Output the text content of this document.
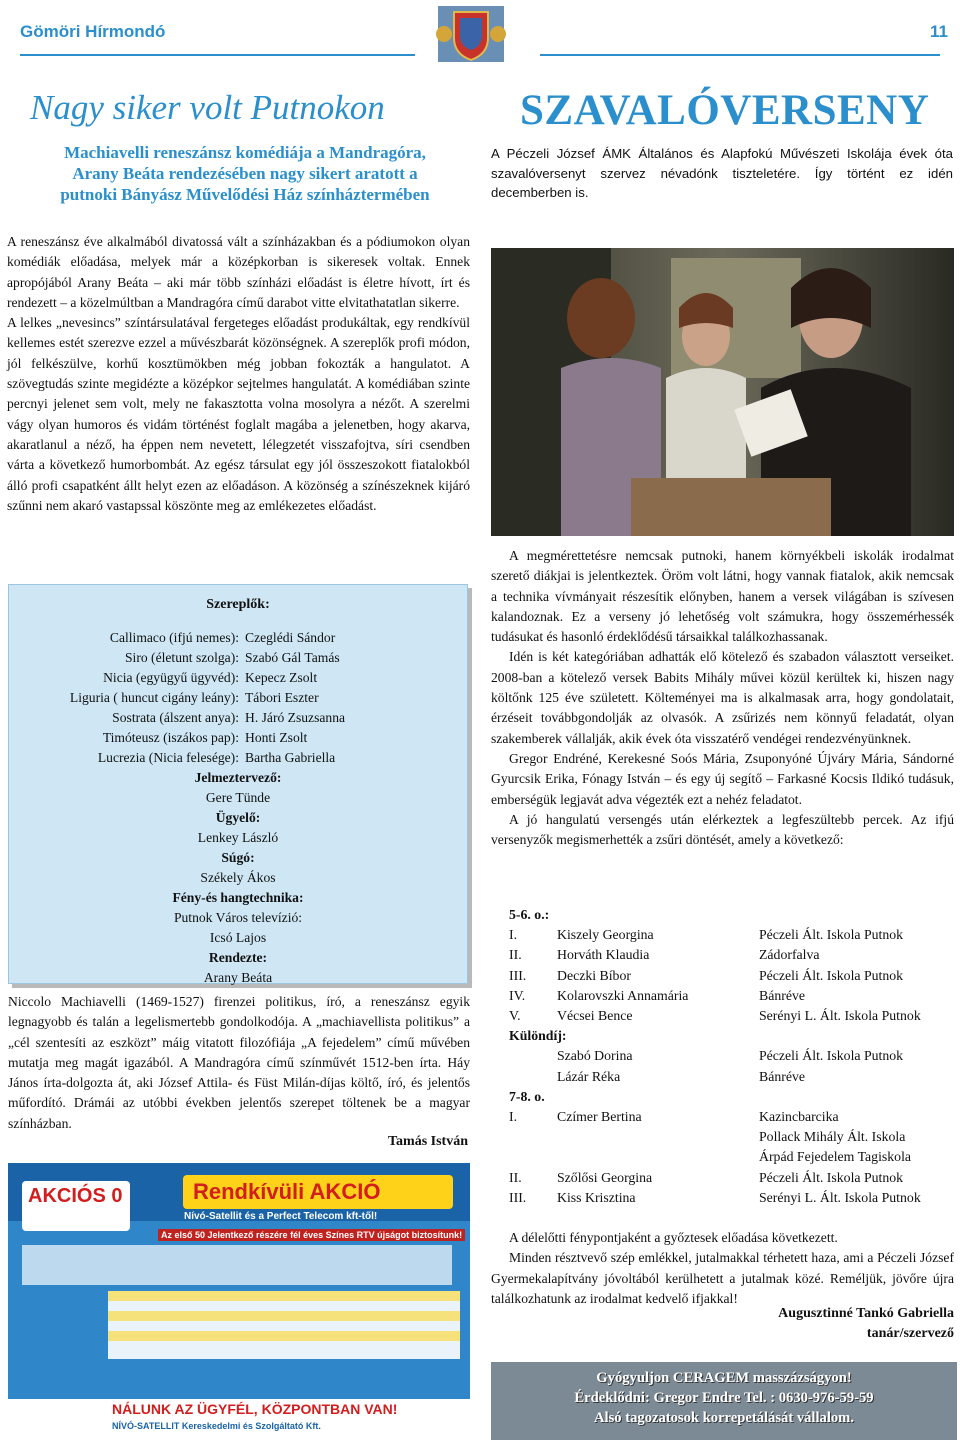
Gömöri Hírmondó	11
Nagy siker volt Putnokon
Machiavelli reneszánsz komédiája a Mandragóra,
Arany Beáta rendezésében nagy sikert aratott a
putnoki Bányász Művelődési Ház színháztermében

A reneszánsz éve alkalmából divatossá vált a színházakban és a pódiumokon olyan komédiák előadása, melyek már a középkorban is sikeresek voltak. Ennek apropójából Arany Beáta – aki már több színházi előadást is életre hívott, írt és rendezett – a közelmúltban a Mandragóra című darabot vitte elvitathatatlan sikerre.

A lelkes „nevesincs” színtársulatával fergeteges előadást produkáltak, egy rendkívül kellemes estét szerezve ezzel a művészbarát közönségnek. A szereplők profi módon, jól felkészülve, korhű kosztümökben még jobban fokozták a hangulatot. A szövegtudás szinte megidézte a középkor sejtelmes hangulatát. A komédiában szinte percnyi jelenet sem volt, mely ne fakasztotta volna mosolyra a nézőt. A szerelmi vágy olyan humoros és vidám történést foglalt magába a jelenetben, hogy akarva, akaratlanul a néző, ha éppen nem nevetett, lélegzetét visszafojtva, síri csendben várta a következő humorbombát. Az egész társulat egy jól összeszokott fiatalokból álló profi csapatként állt helyt ezen az előadáson. A közönség a színészeknek kijáró szűnni nem akaró vastapssal köszönte meg az emlékezetes előadást.

Szereplők:
Callimaco (ifjú nemes): Czeglédi Sándor
Siro (életunt szolga): Szabó Gál Tamás
Nicia (együgyű ügyvéd): Kepecz Zsolt
Liguria ( huncut cigány leány): Tábori Eszter
Sostrata (álszent anya): H. Járó Zsuzsanna
Timóteusz (iszákos pap): Honti Zsolt
Lucrezia (Nicia felesége): Bartha Gabriella
Jelmeztervező:
Gere Tünde
Ügyelő:
Lenkey László
Súgó:
Székely Ákos
Fény-és hangtechnika:
Putnok Város televízió:
Icsó Lajos
Rendezte:
Arany Beáta

Niccolo Machiavelli (1469-1527) firenzei politikus, író, a reneszánsz egyik legnagyobb és talán a legelismertebb gondolkodója. A „machiavellista politikus” a „cél szentesíti az eszközt” máig vitatott filozófiája „A fejedelem” című művében mutatja meg magát igazából. A Mandragóra című színművét 1512-ben írta. Háy János írta-dolgozta át, aki József Attila- és Füst Milán-díjas költő, író, és jelentős műfordító. Drámái az utóbbi években jelentős szerepet töltenek be a magyar színházban.

Tamás István
AKCIÓS 0	Rendkívüli AKCIÓ
Nívó-Satellit és a Perfect Telecom kft-től!
Az első 50 Jelentkező részére fél éves Színes RTV újságot biztosítunk!
NÁLUNK AZ ÜGYFÉL, KÖZPONTBAN VAN!
NÍVÓ-SATELLIT Kereskedelmi és Szolgáltató Kft.
SZAVALÓVERSENY

A Péczeli József ÁMK Általános és Alapfokú Művészeti Iskolája évek óta szavalóversenyt szervez névadónk tiszteletére. Így történt ez idén decemberben is.

A megmérettetésre nemcsak putnoki, hanem környékbeli iskolák irodalmat szerető diákjai is jelentkeztek. Öröm volt látni, hogy vannak fiatalok, akik nemcsak a technika vívmányait részesítik előnyben, hanem a versek világában is szívesen kalandoznak. Ez a verseny jó lehetőség volt számukra, hogy összemérhessék tudásukat és hasonló érdeklődésű társaikkal találkozhassanak.

Idén is két kategóriában adhatták elő kötelező és szabadon választott verseiket. 2008-ban a kötelező versek Babits Mihály művei közül kerültek ki, hiszen nagy költőnk 125 éve született. Költeményei ma is alkalmasak arra, hogy gondolatait, érzéseit továbbgondolják az olvasók. A zsűrizés nem könnyű feladatát, olyan szakemberek vállalják, akik évek óta visszatérő vendégei rendezvényünknek.

Gregor Endréné, Kerekesné Soós Mária, Zsuponyóné Újváry Mária, Sándorné Gyurcsik Erika, Fónagy István – és egy új segítő – Farkasné Kocsis Ildikó tudásuk, emberségük legjavát adva végezték ezt a nehéz feladatot.

A jó hangulatú versengés után elérkeztek a legfeszültebb percek. Az ifjú versenyzők megismerhették a zsűri döntését, amely a következő:

5-6. o.:
I.	Kiszely Georgina	Péczeli Ált. Iskola Putnok
II.	Horváth Klaudia	Zádorfalva
III.	Deczki Bíbor	Péczeli Ált. Iskola Putnok
IV.	Kolarovszki Annamária	Bánréve
V.	Vécsei Bence	Serényi L. Ált. Iskola Putnok
Különdíj:
Szabó Dorina	Péczeli Ált. Iskola Putnok
Lázár Réka	Bánréve
7-8. o.
I.	Czímer Bertina	Kazincbarcika
Pollack Mihály Ált. Iskola
Árpád Fejedelem Tagiskola
II.	Szőlősi Georgina	Péczeli Ált. Iskola Putnok
III.	Kiss Krisztina	Serényi L. Ált. Iskola Putnok

A délelőtti fénypontjaként a győztesek előadása következett.

Minden résztvevő szép emlékkel, jutalmakkal térhetett haza, ami a Péczeli József Gyermekalapítvány jóvoltából kerülhetett a jutalmak közé. Reméljük, jövőre újra találkozhatunk az irodalmat kedvelő ifjakkal!

Augusztinné Tankó Gabriella
tanár/szervező
Gyógyuljon CERAGEM masszázságyon!
Érdeklődni: Gregor Endre Tel. : 0630-976-59-59
Alsó tagozatosok korrepetálását vállalom.
